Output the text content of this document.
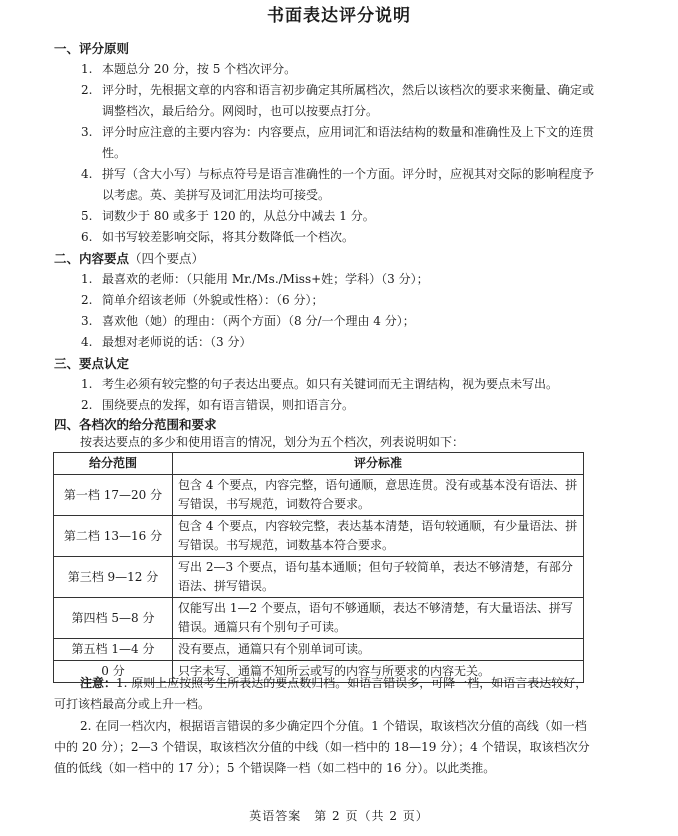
书面表达评分说明
一、评分原则
1. 本题总分 20 分，按 5 个档次评分。
2. 评分时，先根据文章的内容和语言初步确定其所属档次，然后以该档次的要求来衡量、确定或调整档次，最后给分。网阅时，也可以按要点打分。
3. 评分时应注意的主要内容为：内容要点，应用词汇和语法结构的数量和准确性及上下文的连贯性。
4. 拼写（含大小写）与标点符号是语言准确性的一个方面。评分时，应视其对交际的影响程度予以考虑。英、美拼写及词汇用法均可接受。
5. 词数少于 80 或多于 120 的，从总分中减去 1 分。
6. 如书写较差影响交际，将其分数降低一个档次。
二、内容要点（四个要点）
1. 最喜欢的老师：（只能用 Mr./Ms./Miss+姓；学科）（3 分）；
2. 简单介绍该老师（外貌或性格）：（6 分）；
3. 喜欢他（她）的理由：（两个方面）（8 分/一个理由 4 分）；
4. 最想对老师说的话：（3 分）
三、要点认定
1. 考生必须有较完整的句子表达出要点。如只有关键词而无主谓结构，视为要点未写出。
2. 围绕要点的发挥，如有语言错误，则扣语言分。
四、各档次的给分范围和要求
按表达要点的多少和使用语言的情况，划分为五个档次，列表说明如下：
给分范围	评分标准
第一档 17—20 分	包含 4 个要点，内容完整，语句通顺，意思连贯。没有或基本没有语法、拼写错误，书写规范，词数符合要求。
第二档 13—16 分	包含 4 个要点，内容较完整，表达基本清楚，语句较通顺，有少量语法、拼写错误。书写规范，词数基本符合要求。
第三档 9—12 分	写出 2—3 个要点，语句基本通顺；但句子较简单，表达不够清楚，有部分语法、拼写错误。
第四档 5—8 分	仅能写出 1—2 个要点，语句不够通顺，表达不够清楚，有大量语法、拼写错误。通篇只有个别句子可读。
第五档 1—4 分	没有要点，通篇只有个别单词可读。
0 分	只字未写、通篇不知所云或写的内容与所要求的内容无关。
注意：1. 原则上应按照考生所表达的要点数归档。如语言错误多，可降一档，如语言表达较好，可打该档最高分或上升一档。
2. 在同一档次内，根据语言错误的多少确定四个分值。1 个错误，取该档次分值的高线（如一档中的 20 分）；2—3 个错误，取该档次分值的中线（如一档中的 18—19 分）；4 个错误，取该档次分值的低线（如一档中的 17 分）；5 个错误降一档（如二档中的 16 分）。以此类推。
英语答案　第 2 页（共 2 页）
